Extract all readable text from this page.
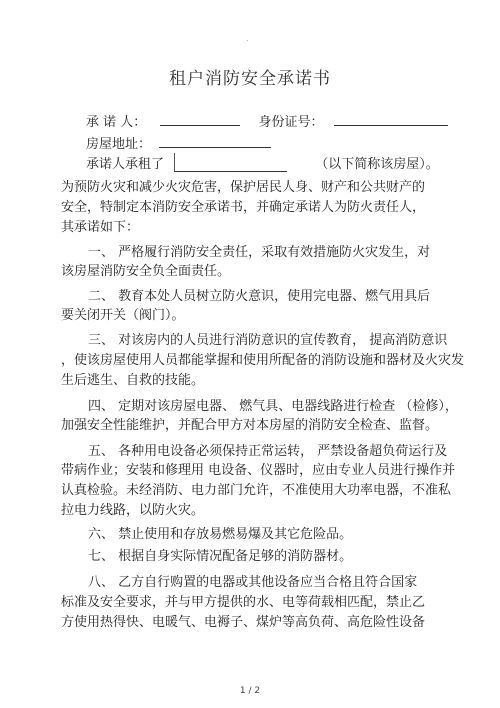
.
租户消防安全承诺书
承 诺 人：	身份证号：
房屋地址：
承诺人承租了	（以下简称该房屋）。
为预防火灾和减少火灾危害，保护居民人身、财产和公共财产的
安全，特制定本消防安全承诺书，并确定承诺人为防火责任人，
其承诺如下：
一、 严格履行消防安全责任，采取有效措施防火灾发生，对
该房屋消防安全负全面责任。
二、 教育本处人员树立防火意识，使用完电器、燃气用具后
要关闭开关（阀门）。
三、 对该房内的人员进行消防意识的宣传教育， 提高消防意识
，使该房屋使用人员都能掌握和使用所配备的消防设施和器材及火灾发
生后逃生、自救的技能。
四、 定期对该房屋电器、 燃气具、电器线路进行检查 （检修），
加强安全性能维护，并配合甲方对本房屋的消防安全检查、监督。
五、 各种用电设备必须保持正常运转， 严禁设备超负荷运行及
带病作业；安装和修理用 电设备、仪器时，应由专业人员进行操作并
认真检验。未经消防、电力部门允许，不准使用大功率电器，不准私
拉电力线路，以防火灾。
六、 禁止使用和存放易燃易爆及其它危险品。
七、 根据自身实际情况配备足够的消防器材。
八、 乙方自行购置的电器或其他设备应当合格且符合国家
标准及安全要求，并与甲方提供的水、电等荷载相匹配，禁止乙
方使用热得快、电暖气、电褥子、煤炉等高负荷、高危险性设备
1 / 2
